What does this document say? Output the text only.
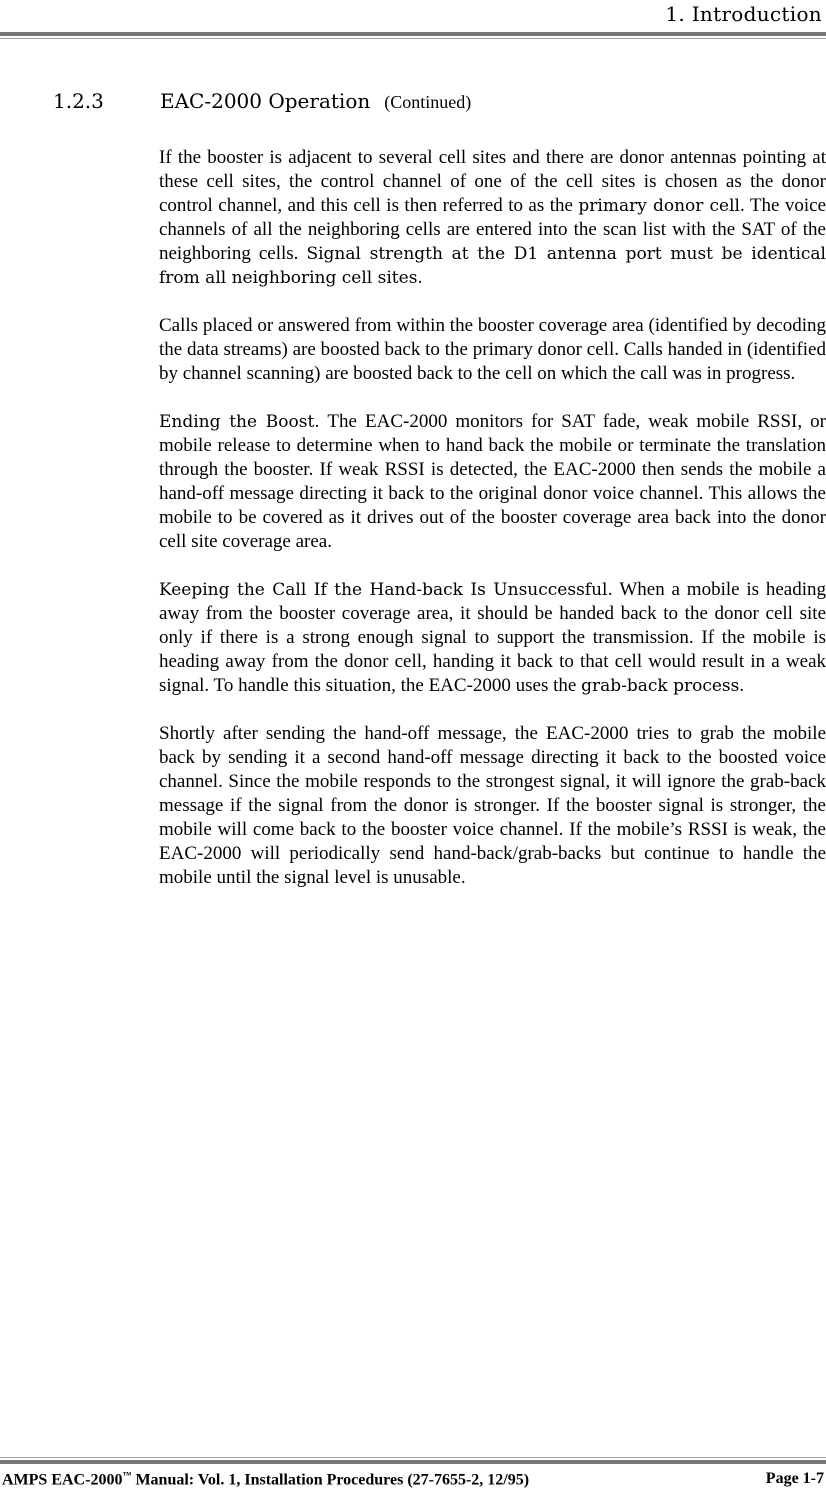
1. Introduction
1.2.3	EAC-2000 Operation (Continued)

If the booster is adjacent to several cell sites and there are donor antennas pointing at these cell sites, the control channel of one of the cell sites is chosen as the donor control channel, and this cell is then referred to as the primary donor cell. The voice channels of all the neighboring cells are entered into the scan list with the SAT of the neighboring cells. Signal strength at the D1 antenna port must be identical from all neighboring cell sites.

Calls placed or answered from within the booster coverage area (identified by decoding the data streams) are boosted back to the primary donor cell. Calls handed in (identified by channel scanning) are boosted back to the cell on which the call was in progress.

Ending the Boost. The EAC-2000 monitors for SAT fade, weak mobile RSSI, or mobile release to determine when to hand back the mobile or terminate the translation through the booster. If weak RSSI is detected, the EAC-2000 then sends the mobile a hand-off message directing it back to the original donor voice channel. This allows the mobile to be covered as it drives out of the booster coverage area back into the donor cell site coverage area.

Keeping the Call If the Hand-back Is Unsuccessful. When a mobile is heading away from the booster coverage area, it should be handed back to the donor cell site only if there is a strong enough signal to support the transmission. If the mobile is heading away from the donor cell, handing it back to that cell would result in a weak signal. To handle this situation, the EAC-2000 uses the grab-back process.

Shortly after sending the hand-off message, the EAC-2000 tries to grab the mobile back by sending it a second hand-off message directing it back to the boosted voice channel. Since the mobile responds to the strongest signal, it will ignore the grab-back message if the signal from the donor is stronger. If the booster signal is stronger, the mobile will come back to the booster voice channel. If the mobile’s RSSI is weak, the EAC-2000 will periodically send hand-back/grab-backs but continue to handle the mobile until the signal level is unusable.

AMPS EAC-2000™ Manual: Vol. 1, Installation Procedures (27-7655-2, 12/95)	Page 1-7
